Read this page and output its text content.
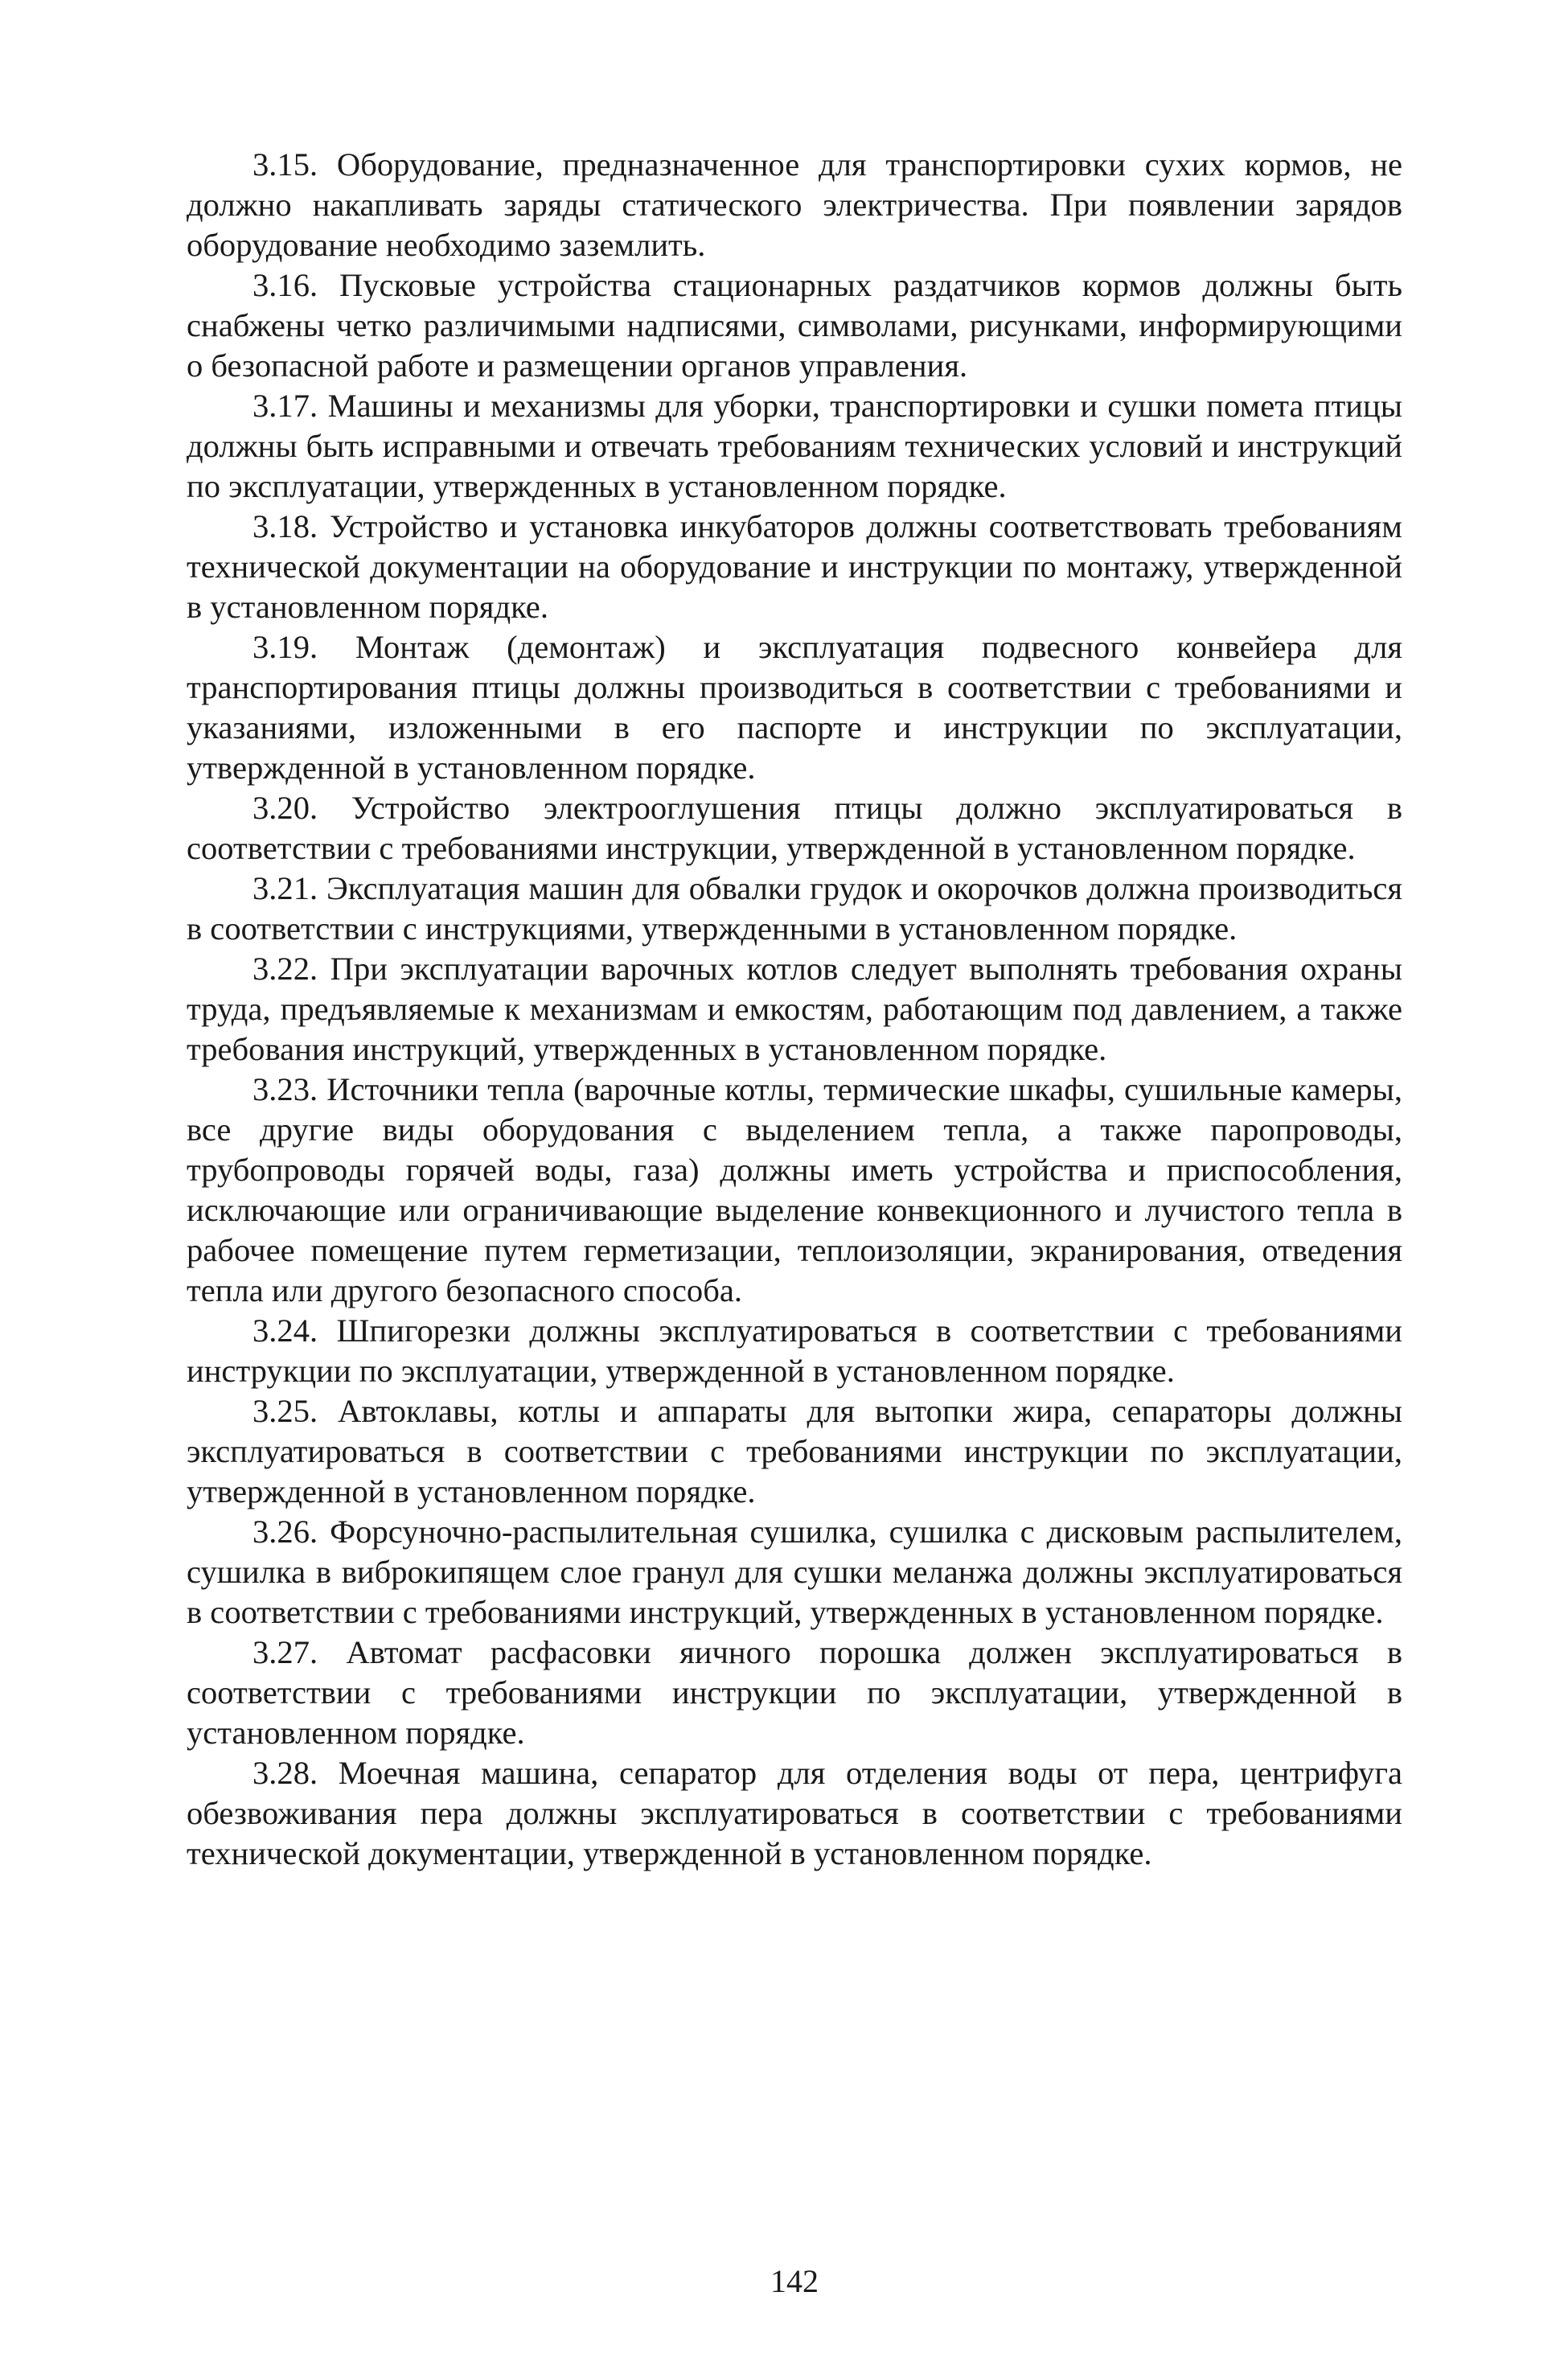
3.15. Оборудование, предназначенное для транспортировки сухих кормов, не должно накапливать заряды статического электричества. При появлении зарядов оборудование необходимо заземлить.

3.16. Пусковые устройства стационарных раздатчиков кормов должны быть снабжены четко различимыми надписями, символами, рисунками, информирующими о безопасной работе и размещении органов управления.

3.17. Машины и механизмы для уборки, транспортировки и сушки помета птицы должны быть исправными и отвечать требованиям технических условий и инструкций по эксплуатации, утвержденных в установленном порядке.

3.18. Устройство и установка инкубаторов должны соответствовать требованиям технической документации на оборудование и инструкции по монтажу, утвержденной в установленном порядке.

3.19. Монтаж (демонтаж) и эксплуатация подвесного конвейера для транспортирования птицы должны производиться в соответствии с требованиями и указаниями, изложенными в его паспорте и инструкции по эксплуатации, утвержденной в установленном порядке.

3.20. Устройство электрооглушения птицы должно эксплуатироваться в соответствии с требованиями инструкции, утвержденной в установленном порядке.

3.21. Эксплуатация машин для обвалки грудок и окорочков должна производиться в соответствии с инструкциями, утвержденными в установленном порядке.

3.22. При эксплуатации варочных котлов следует выполнять требования охраны труда, предъявляемые к механизмам и емкостям, работающим под давлением, а также требования инструкций, утвержденных в установленном порядке.

3.23. Источники тепла (варочные котлы, термические шкафы, сушильные камеры, все другие виды оборудования с выделением тепла, а также паропроводы, трубопроводы горячей воды, газа) должны иметь устройства и приспособления, исключающие или ограничивающие выделение конвекционного и лучистого тепла в рабочее помещение путем герметизации, теплоизоляции, экранирования, отведения тепла или другого безопасного способа.

3.24. Шпигорезки должны эксплуатироваться в соответствии с требованиями инструкции по эксплуатации, утвержденной в установленном порядке.

3.25. Автоклавы, котлы и аппараты для вытопки жира, сепараторы должны эксплуатироваться в соответствии с требованиями инструкции по эксплуатации, утвержденной в установленном порядке.

3.26. Форсуночно-распылительная сушилка, сушилка с дисковым распылителем, сушилка в виброкипящем слое гранул для сушки меланжа должны эксплуатироваться в соответствии с требованиями инструкций, утвержденных в установленном порядке.

3.27. Автомат расфасовки яичного порошка должен эксплуатироваться в соответствии с требованиями инструкции по эксплуатации, утвержденной в установленном порядке.

3.28. Моечная машина, сепаратор для отделения воды от пера, центрифуга обезвоживания пера должны эксплуатироваться в соответствии с требованиями технической документации, утвержденной в установленном порядке.

142
